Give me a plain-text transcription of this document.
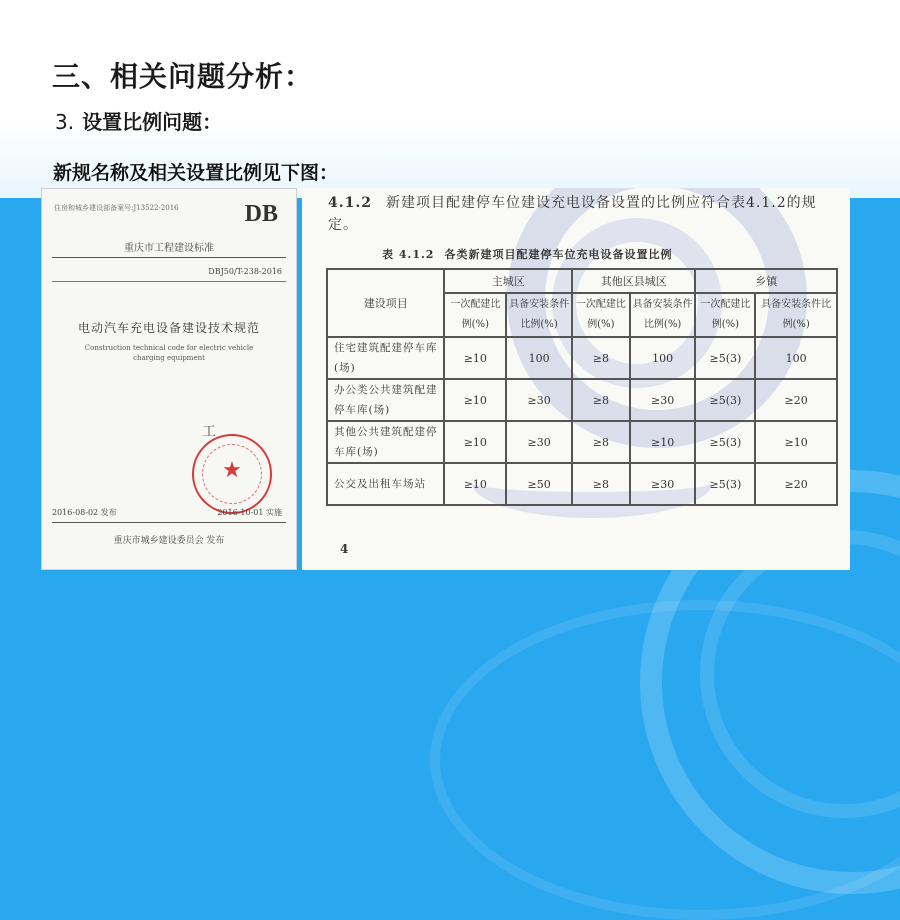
三、相关问题分析：
3. 设置比例问题：
新规名称及相关设置比例见下图：
住房和城乡建设部备案号:J13522-2016	DB
重庆市工程建设标准
DBJ50/T-238-2016
电动汽车充电设备建设技术规范
Construction technical code for electric vehicle
charging equipment
工
★
2016-08-02 发布	2016-10-01 实施
重庆市城乡建设委员会 发布
4.1.2 新建项目配建停车位建设充电设备设置的比例应符合表4.1.2的规定。
表 4.1.2 各类新建项目配建停车位充电设备设置比例
建设项目	主城区		其他区县城区		乡镇	
	一次配建比例(%)	具备安装条件比例(%)	一次配建比例(%)	具备安装条件比例(%)	一次配建比例(%)	具备安装条件比例(%)
住宅建筑配建停车库(场)	≥10	100	≥8	100	≥5(3)	100
办公类公共建筑配建停车库(场)	≥10	≥30	≥8	≥30	≥5(3)	≥20
其他公共建筑配建停车库(场)	≥10	≥30	≥8	≥10	≥5(3)	≥10
公交及出租车场站	≥10	≥50	≥8	≥30	≥5(3)	≥20
4
